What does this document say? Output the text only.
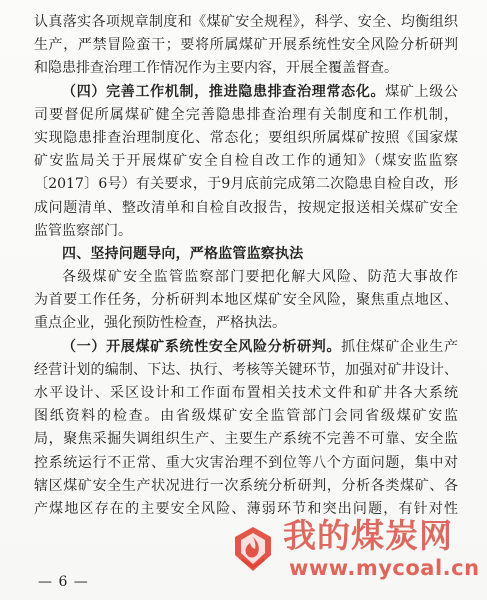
认真落实各项规章制度和《煤矿安全规程》，科学、安全、均衡组织
生产，严禁冒险蛮干；要将所属煤矿开展系统性安全风险分析研判
和隐患排查治理工作情况作为主要内容，开展全覆盖督查。
（四）完善工作机制，推进隐患排查治理常态化。煤矿上级公
司要督促所属煤矿健全完善隐患排查治理有关制度和工作机制，
实现隐患排查治理制度化、常态化；要组织所属煤矿按照《国家煤
矿安监局关于开展煤矿安全自检自改工作的通知》（煤安监监察
〔2017〕6号）有关要求，于9月底前完成第二次隐患自检自改，形
成问题清单、整改清单和自检自改报告，按规定报送相关煤矿安全
监管监察部门。
四、坚持问题导向，严格监管监察执法
各级煤矿安全监管监察部门要把化解大风险、防范大事故作
为首要工作任务，分析研判本地区煤矿安全风险，聚焦重点地区、
重点企业，强化预防性检查，严格执法。
（一）开展煤矿系统性安全风险分析研判。抓住煤矿企业生产
经营计划的编制、下达、执行、考核等关键环节，加强对矿井设计、
水平设计、采区设计和工作面布置相关技术文件和矿井各大系统
图纸资料的检查。由省级煤矿安全监管部门会同省级煤矿安监
局，聚焦采掘失调组织生产、主要生产系统不完善不可靠、安全监
控系统运行不正常、重大灾害治理不到位等八个方面问题，集中对
辖区煤矿安全生产状况进行一次系统分析研判，分析各类煤矿、各
产煤地区存在的主要安全风险、薄弱环节和突出问题，有针对性
— 6 —
我的煤炭网
www.mycoal.cn
